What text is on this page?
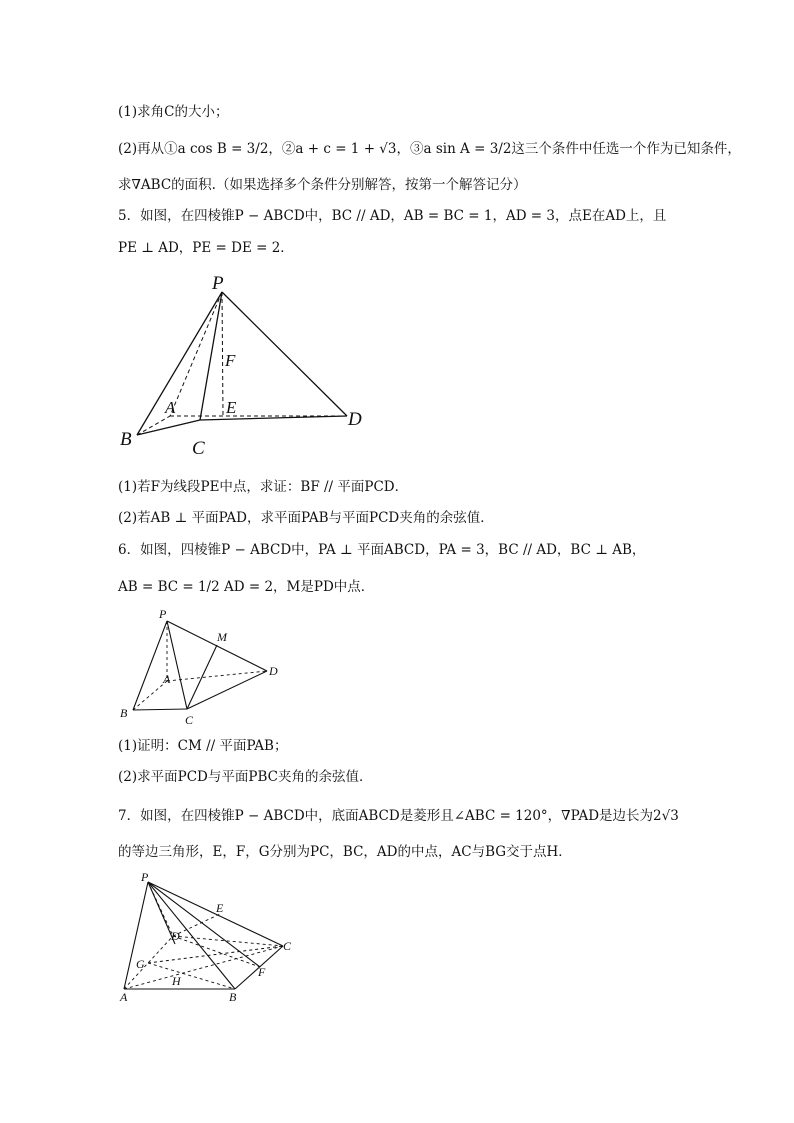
(1)求角C的大小；
(2)再从①a cos B = 3/2，②a + c = 1 + √3，③a sin A = 3/2这三个条件中任选一个作为已知条件，
求∇ABC的面积.（如果选择多个条件分别解答，按第一个解答记分）
5．如图，在四棱锥P − ABCD中，BC // AD，AB = BC = 1，AD = 3，点E在AD上，且
PE ⊥ AD，PE = DE = 2．
P
F
A	E
D
B	C
(1)若F为线段PE中点，求证：BF // 平面PCD．
(2)若AB ⊥ 平面PAD，求平面PAB与平面PCD夹角的余弦值．
6．如图，四棱锥P − ABCD中，PA ⊥ 平面ABCD，PA = 3，BC // AD，BC ⊥ AB，
AB = BC = 1/2 AD = 2，M是PD中点．
P
M
A
D
B	C
(1)证明：CM // 平面PAB；
(2)求平面PCD与平面PBC夹角的余弦值．
7．如图，在四棱锥P − ABCD中，底面ABCD是菱形且∠ABC = 120°，∇PAD是边长为2√3
的等边三角形，E，F，G分别为PC，BC，AD的中点，AC与BG交于点H．
P
E
D
C
G
F
H
A	B
